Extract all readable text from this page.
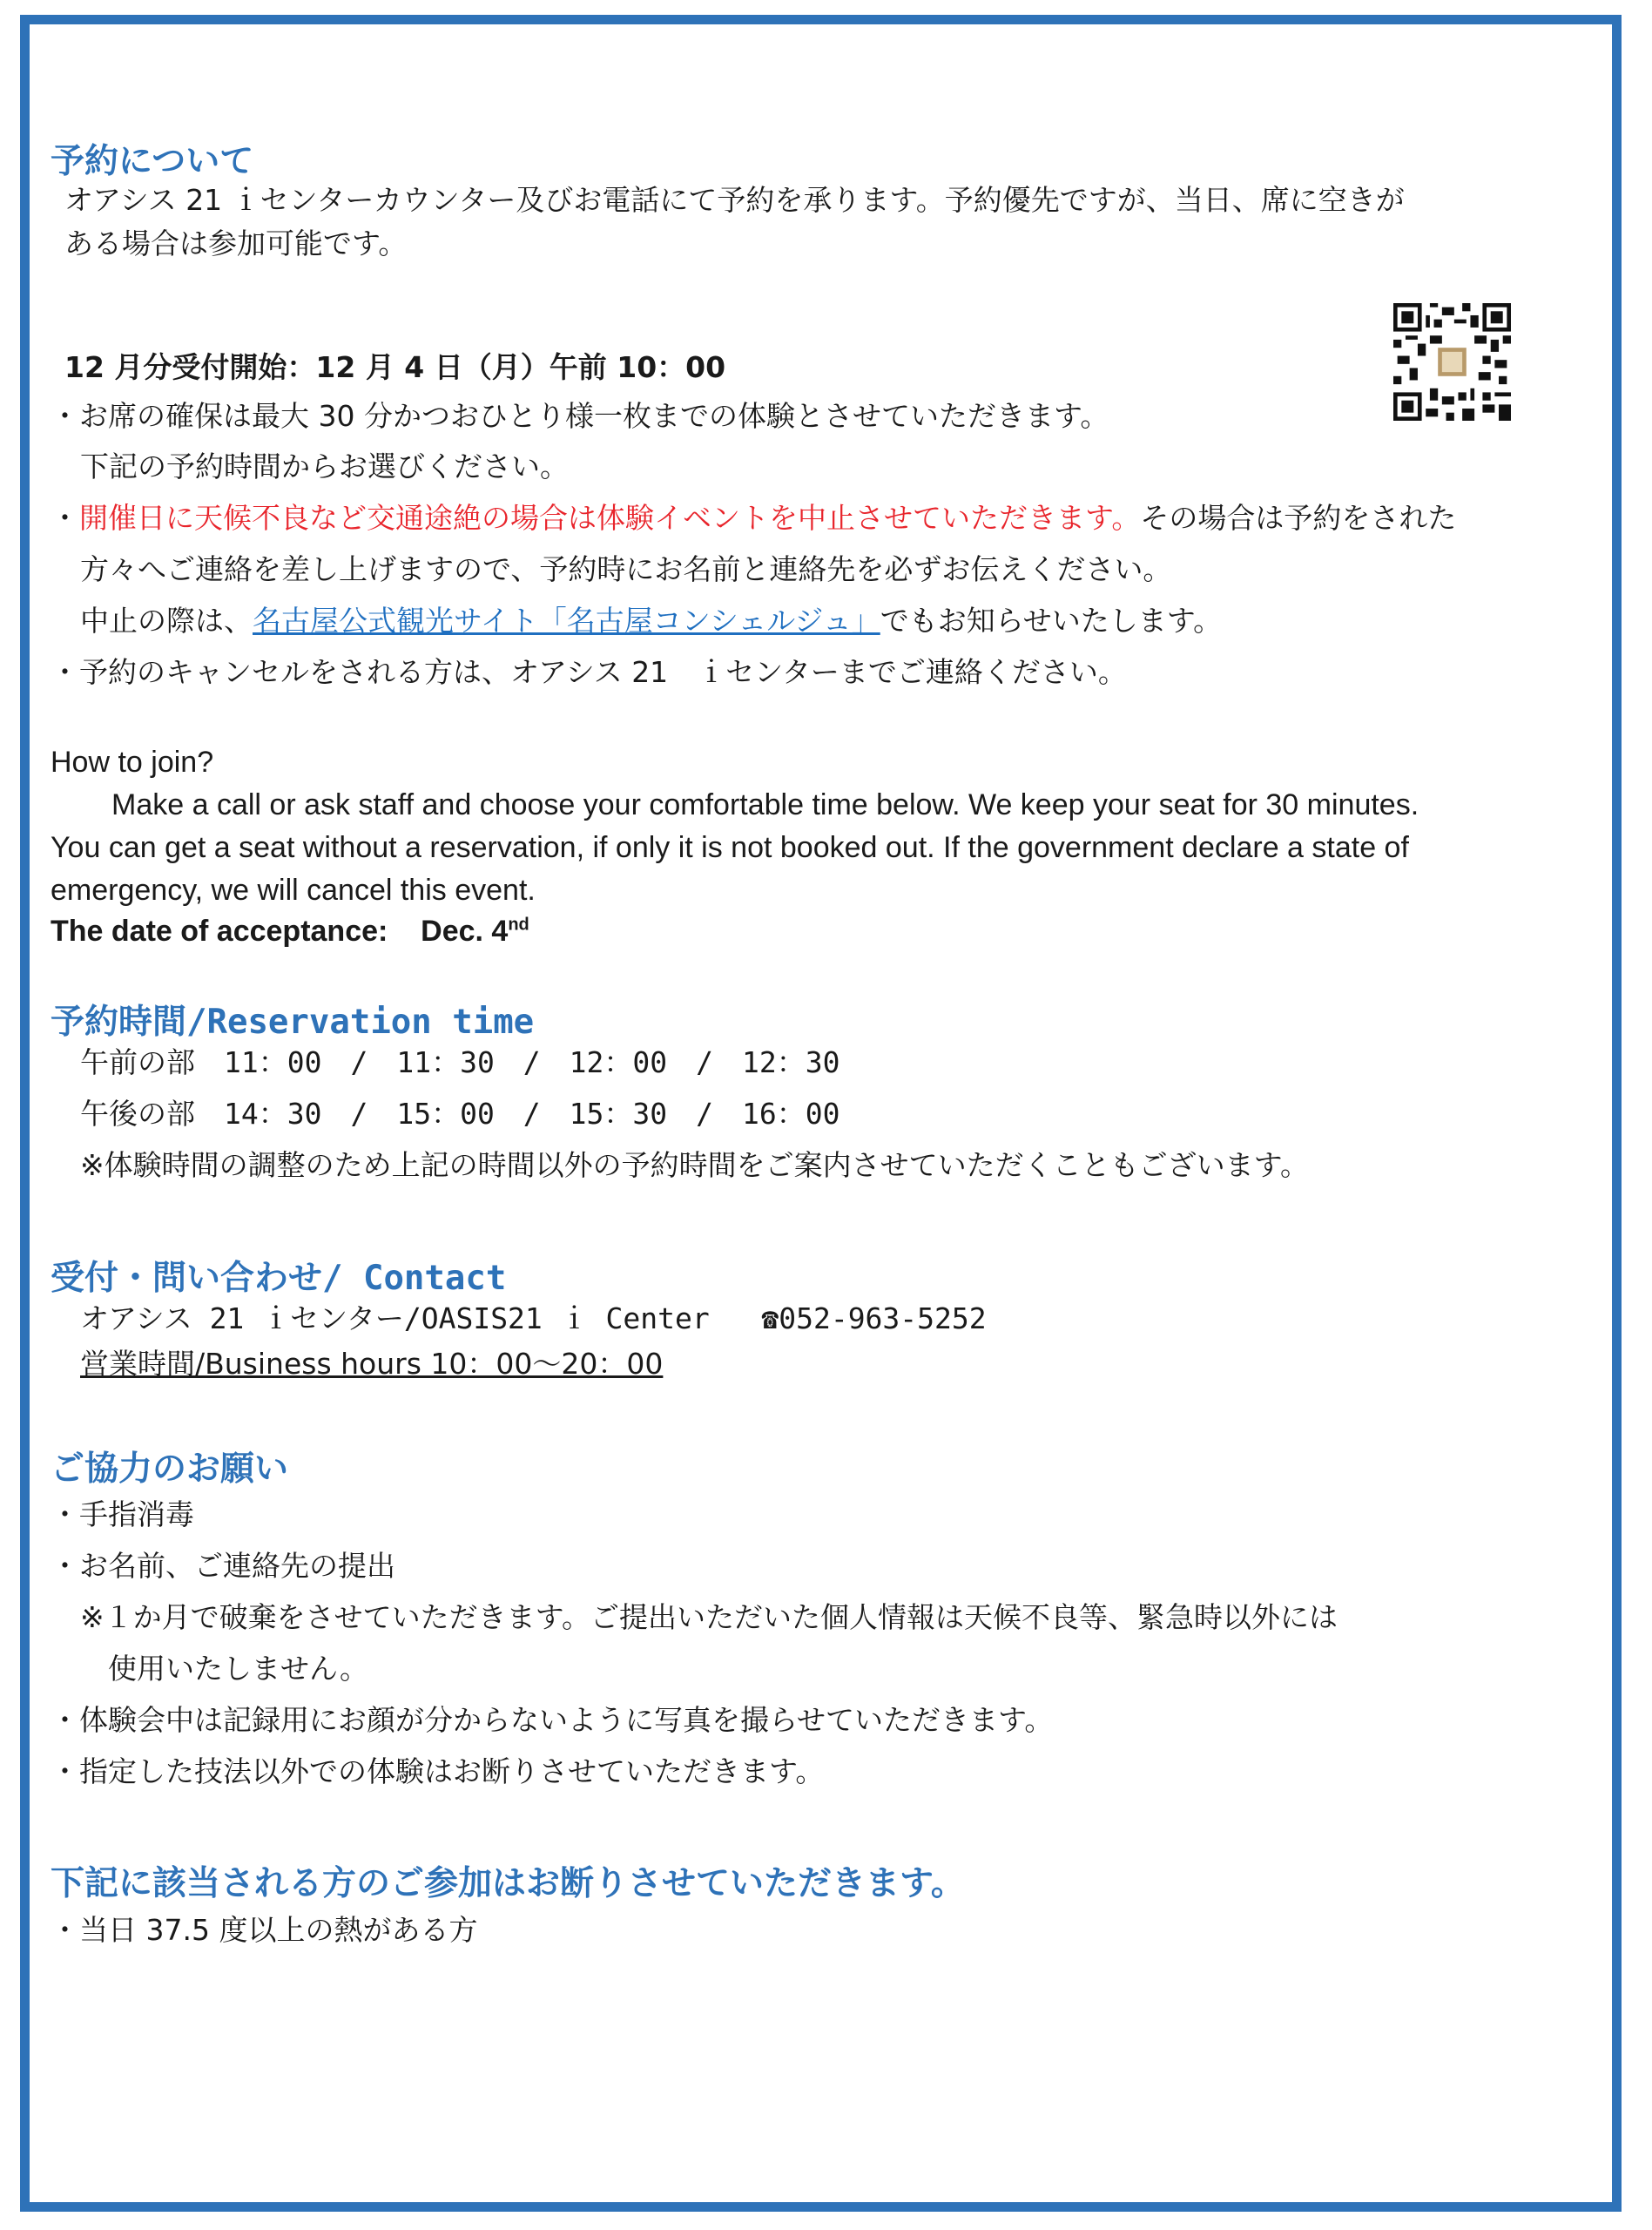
予約について
オアシス 21 ｉセンターカウンター及びお電話にて予約を承ります。予約優先ですが、当日、席に空きが
ある場合は参加可能です。
12 月分受付開始：12 月 4 日（月）午前 10：00
・お席の確保は最大 30 分かつおひとり様一枚までの体験とさせていただきます。
下記の予約時間からお選びください。
・開催日に天候不良など交通途絶の場合は体験イベントを中止させていただきます。その場合は予約をされた
方々へご連絡を差し上げますので、予約時にお名前と連絡先を必ずお伝えください。
中止の際は、名古屋公式観光サイト「名古屋コンシェルジュ」でもお知らせいたします。
・予約のキャンセルをされる方は、オアシス 21　ｉセンターまでご連絡ください。
How to join?
Make a call or ask staff and choose your comfortable time below. We keep your seat for 30 minutes.
You can get a seat without a reservation, if only it is not booked out. If the government declare a state of
emergency, we will cancel this event.
The date of acceptance: Dec. 4nd
予約時間/Reservation time
午前の部　11：00　/　11：30　/　12：00　/　12：30
午後の部　14：30　/　15：00　/　15：30　/　16：00
※体験時間の調整のため上記の時間以外の予約時間をご案内させていただくこともございます。
受付・問い合わせ/ Contact
オアシス 21 ｉセンター/OASIS21 ｉ Center ☎052-963-5252
営業時間/Business hours 10：00～20：00
ご協力のお願い
・手指消毒
・お名前、ご連絡先の提出
※１か月で破棄をさせていただきます。ご提出いただいた個人情報は天候不良等、緊急時以外には
使用いたしません。
・体験会中は記録用にお顔が分からないように写真を撮らせていただきます。
・指定した技法以外での体験はお断りさせていただきます。
下記に該当される方のご参加はお断りさせていただきます。
・当日 37.5 度以上の熱がある方
